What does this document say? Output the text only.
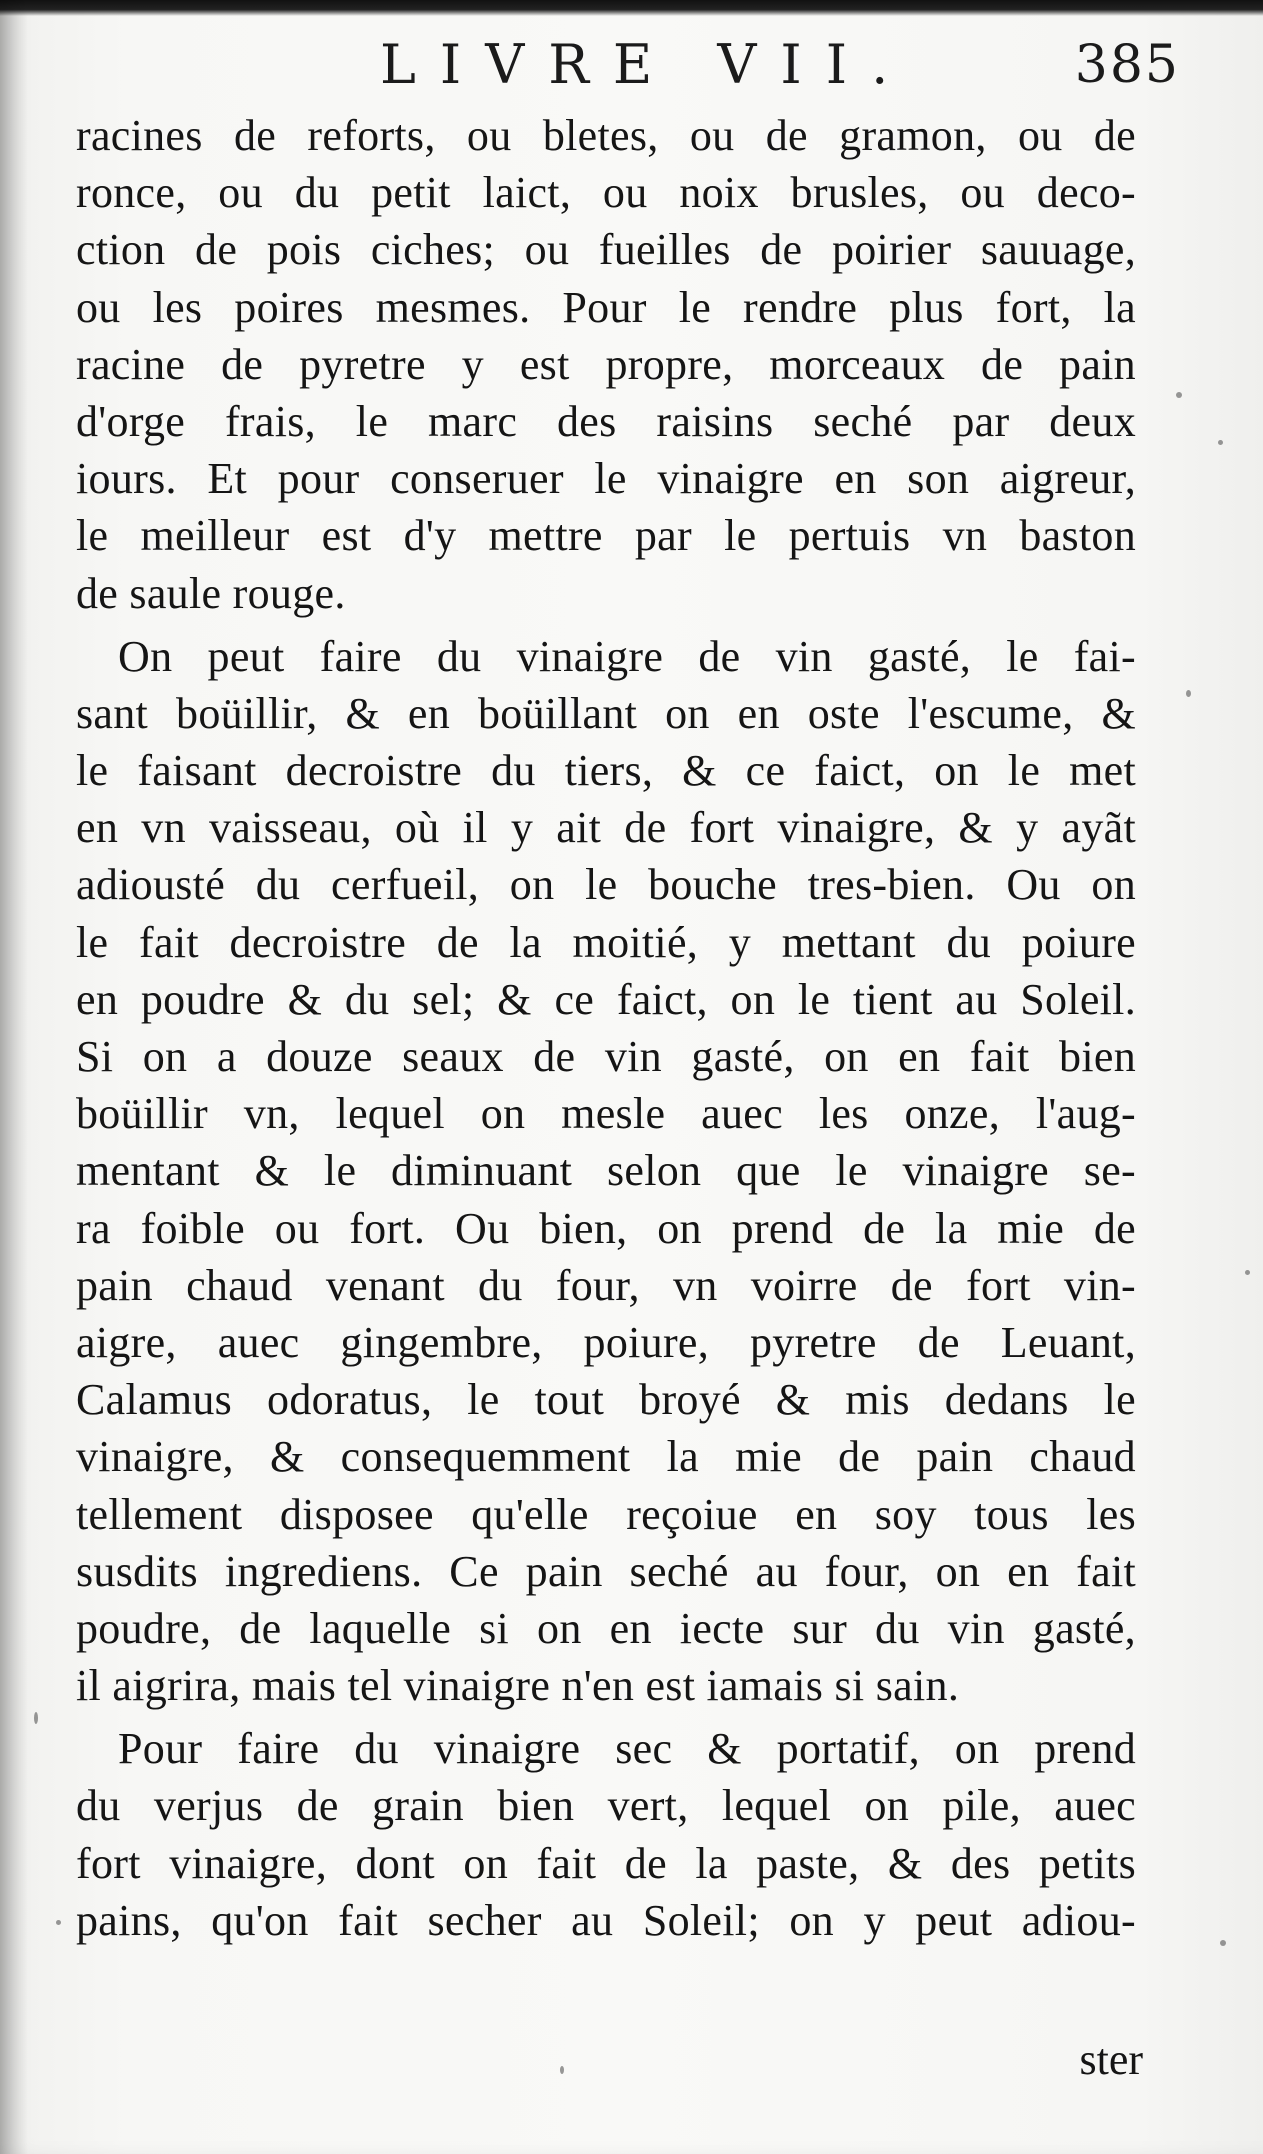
LIVRE VII.	385
racines de reforts, ou bletes, ou de gramon, ou de
ronce, ou du petit laict, ou noix brusles, ou deco-
ction de pois ciches; ou fueilles de poirier sauuage,
ou les poires mesmes. Pour le rendre plus fort, la
racine de pyretre y est propre, morceaux de pain
d'orge frais, le marc des raisins seché par deux
iours. Et pour conseruer le vinaigre en son aigreur,
le meilleur est d'y mettre par le pertuis vn baston
de saule rouge.
On peut faire du vinaigre de vin gasté, le fai-
sant boüillir, & en boüillant on en oste l'escume, &
le faisant decroistre du tiers, & ce faict, on le met
en vn vaisseau, où il y ait de fort vinaigre, & y ayãt
adiousté du cerfueil, on le bouche tres-bien. Ou on
le fait decroistre de la moitié, y mettant du poiure
en poudre & du sel; & ce faict, on le tient au Soleil.
Si on a douze seaux de vin gasté, on en fait bien
boüillir vn, lequel on mesle auec les onze, l'aug-
mentant & le diminuant selon que le vinaigre se-
ra foible ou fort. Ou bien, on prend de la mie de
pain chaud venant du four, vn voirre de fort vin-
aigre, auec gingembre, poiure, pyretre de Leuant,
Calamus odoratus, le tout broyé & mis dedans le
vinaigre, & consequemment la mie de pain chaud
tellement disposee qu'elle reçoiue en soy tous les
susdits ingrediens. Ce pain seché au four, on en fait
poudre, de laquelle si on en iecte sur du vin gasté,
il aigrira, mais tel vinaigre n'en est iamais si sain.
Pour faire du vinaigre sec & portatif, on prend
du verjus de grain bien vert, lequel on pile, auec
fort vinaigre, dont on fait de la paste, & des petits
pains, qu'on fait secher au Soleil; on y peut adiou-
ster
